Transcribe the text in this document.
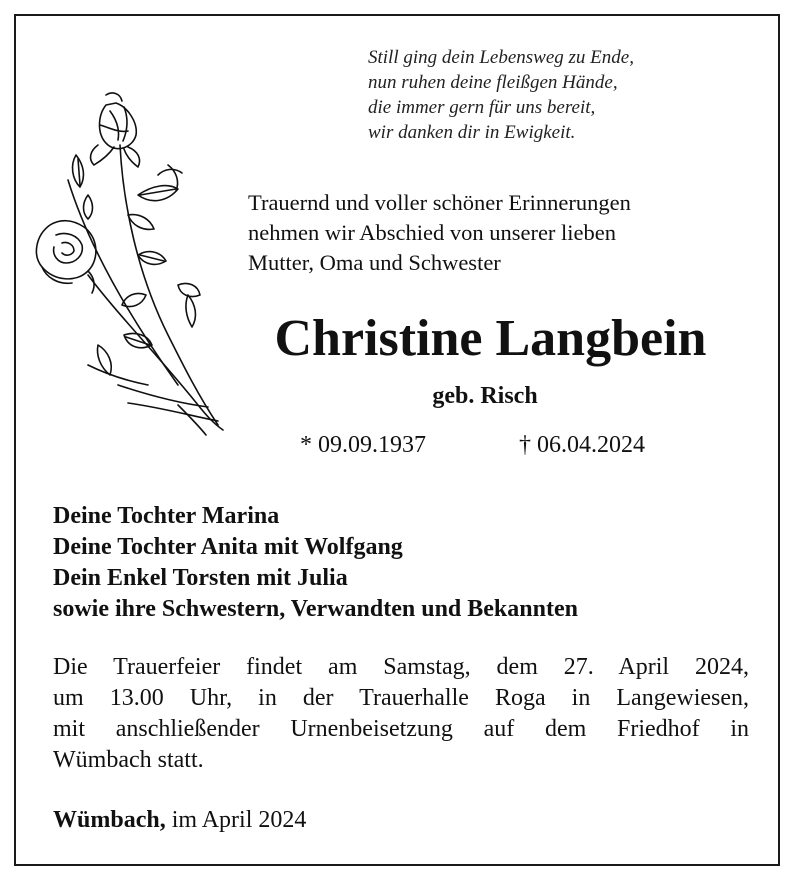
Still ging dein Lebensweg zu Ende,
nun ruhen deine fleißgen Hände,
die immer gern für uns bereit,
wir danken dir in Ewigkeit.
Trauernd und voller schöner Erinnerungen
nehmen wir Abschied von unserer lieben
Mutter, Oma und Schwester
Christine Langbein
geb. Risch
* 09.09.1937	† 06.04.2024
Deine Tochter Marina
Deine Tochter Anita mit Wolfgang
Dein Enkel Torsten mit Julia
sowie ihre Schwestern, Verwandten und Bekannten
Die Trauerfeier findet am Samstag, dem 27. April 2024,
um 13.00 Uhr, in der Trauerhalle Roga in Langewiesen,
mit anschließender Urnenbeisetzung auf dem Friedhof in
Wümbach statt.
Wümbach, im April 2024
